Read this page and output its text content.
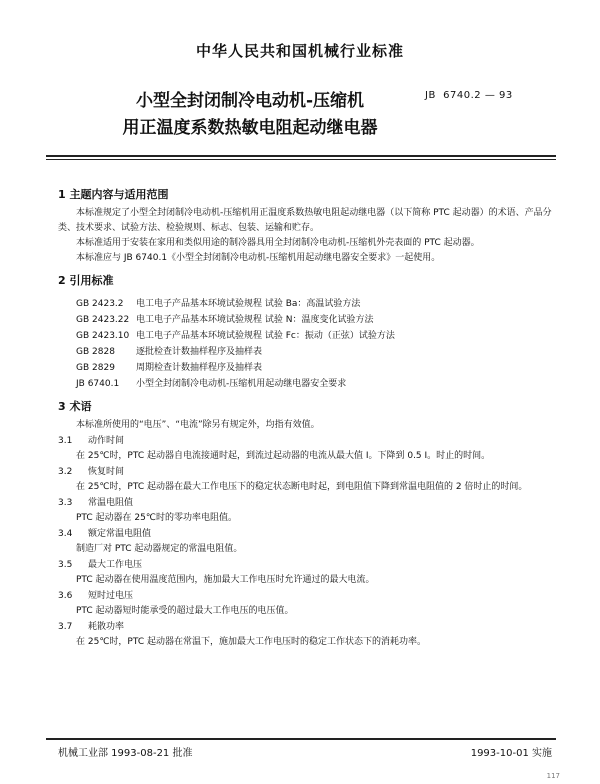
中华人民共和国机械行业标准
小型全封闭制冷电动机-压缩机
用正温度系数热敏电阻起动继电器
JB  6740.2 — 93
1 主题内容与适用范围

本标准规定了小型全封闭制冷电动机-压缩机用正温度系数热敏电阻起动继电器（以下简称 PTC 起动器）的术语、产品分类、技术要求、试验方法、检验规则、标志、包装、运输和贮存。

本标准适用于安装在家用和类似用途的制冷器具用全封闭制冷电动机-压缩机外壳表面的 PTC 起动器。

本标准应与 JB 6740.1《小型全封闭制冷电动机-压缩机用起动继电器安全要求》一起使用。

2 引用标准
GB 2423.2 电工电子产品基本环境试验规程 试验 Ba：高温试验方法
GB 2423.22 电工电子产品基本环境试验规程 试验 N：温度变化试验方法
GB 2423.10 电工电子产品基本环境试验规程 试验 Fc：振动（正弦）试验方法
GB 2828 逐批检查计数抽样程序及抽样表
GB 2829 周期检查计数抽样程序及抽样表
JB 6740.1 小型全封闭制冷电动机-压缩机用起动继电器安全要求
3 术语

本标准所使用的“电压”、“电流”除另有规定外，均指有效值。

3.1 动作时间

在 25℃时，PTC 起动器自电流接通时起，到流过起动器的电流从最大值 I。下降到 0.5 I。时止的时间。

3.2 恢复时间

在 25℃时，PTC 起动器在最大工作电压下的稳定状态断电时起，到电阻值下降到常温电阻值的 2 倍时止的时间。

3.3 常温电阻值

PTC 起动器在 25℃时的零功率电阻值。

3.4 额定常温电阻值

制造厂对 PTC 起动器规定的常温电阻值。

3.5 最大工作电压

PTC 起动器在使用温度范围内，施加最大工作电压时允许通过的最大电流。

3.6 短时过电压

PTC 起动器短时能承受的超过最大工作电压的电压值。

3.7 耗散功率

在 25℃时，PTC 起动器在常温下，施加最大工作电压时的稳定工作状态下的消耗功率。

机械工业部 1993-08-21 批准	1993-10-01 实施
117
